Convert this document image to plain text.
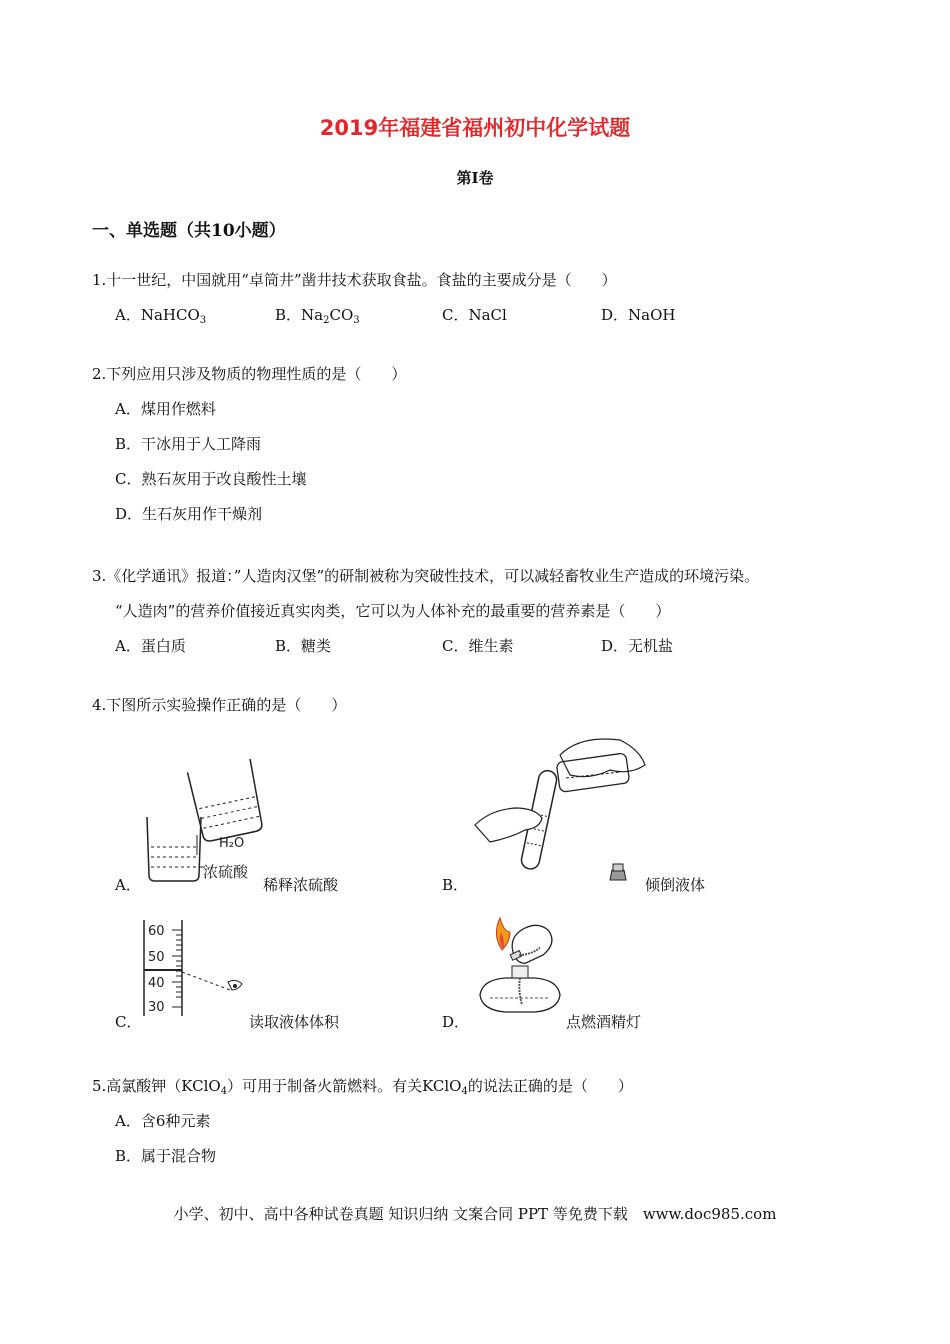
2019年福建省福州初中化学试题
第Ⅰ卷
一、单选题（共10小题）
1.十一世纪，中国就用“卓筒井”凿井技术获取食盐。食盐的主要成分是（　　）
A．NaHCO$_3$	B．$Na_2CO_3$	C．NaCl	D．NaOH
2.下列应用只涉及物质的物理性质的是（　　）
A．煤用作燃料
B．干冰用于人工降雨
C．熟石灰用于改良酸性土壤
D．生石灰用作干燥剂
3.《化学通讯》报道：”人造肉汉堡”的研制被称为突破性技术，可以减轻畜牧业生产造成的环境污染。
“人造肉”的营养价值接近真实肉类，它可以为人体补充的最重要的营养素是（　　）
A．蛋白质	B．糖类	C．维生素	D．无机盐
4.下图所示实验操作正确的是（　　）
H₂O
浓硫酸
A．	稀释浓硫酸	B．	倾倒液体
60
50
40
30
C．	读取液体体积	D．	点燃酒精灯
5.高氯酸钾（KClO$_4$）可用于制备火箭燃料。有关KClO$_4$的说法正确的是（　　）
A．含6种元素
B．属于混合物
小学、初中、高中各种试卷真题 知识归纳 文案合同 PPT 等免费下载　www.doc985.com
